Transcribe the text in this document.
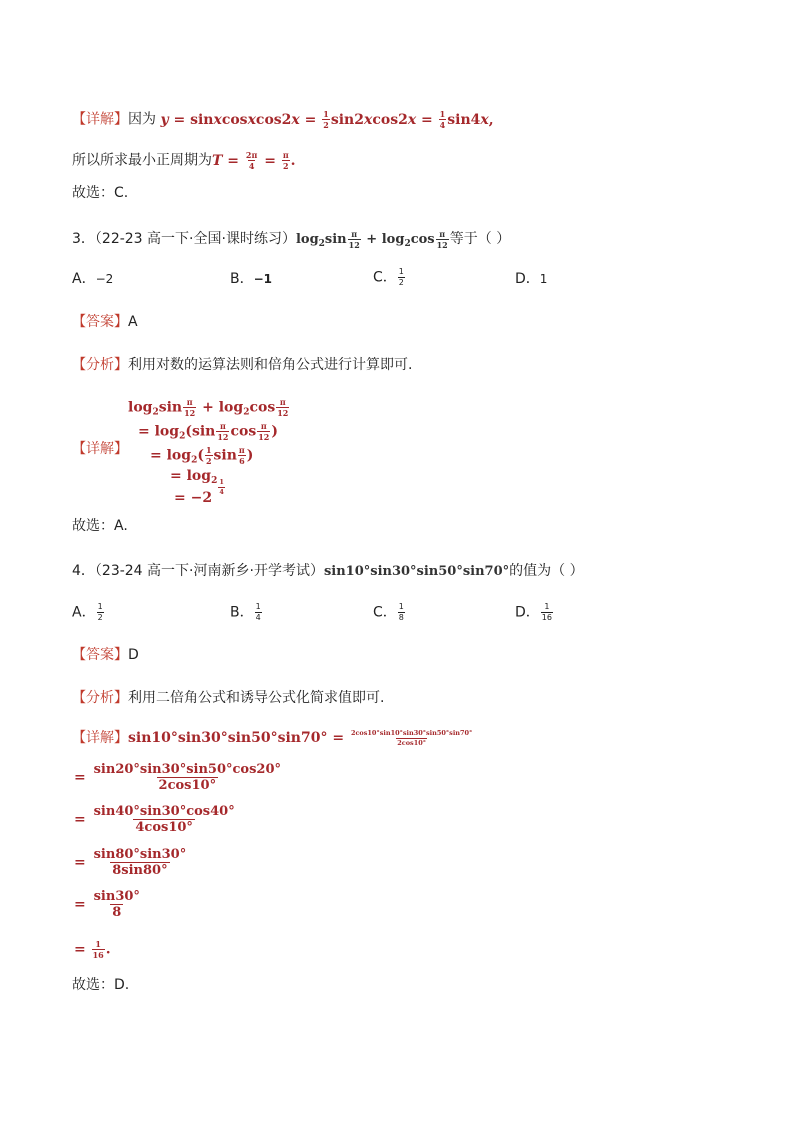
【详解】因为 y = sinxcosxcos2x = $\frac{1}{2} \sin 2xcos2x = \frac{1}{4} \sin 4x$,
所以所求最小正周期为$T = \frac{2\pi}{4} = \frac{\pi}{2}$ .
故选：C.
3．（22-23 高一下·全国·课时练习）$\log_2\sin \frac{\pi}{12} + \log_2\cos \frac{\pi}{12}$ 等于（ ）
A．−2	B．−1	C． $\frac{1}{2}$	D．1
【答案】A
【分析】利用对数的运算法则和倍角公式进行计算即可.
【详解】
$\log_2\sin \frac{\pi}{12} + \log_2\cos \frac{\pi}{12}$
= $\log_2(\sin \frac{\pi}{12}$ $\cos \frac{\pi}{12}$ )
= $\log_2( \frac{1}{2}$ $\sin \frac{\pi}{6}$ )
= $\log_2 \frac{1}{4}$
= −2
故选：A.
4．（23-24 高一下·河南新乡·开学考试）sin10°sin30°sin50°sin70°的值为（ ）
A． $\frac{1}{2}$	B． $\frac{1}{4}$	C． $\frac{1}{8}$	D． $\frac{1}{16}$
【答案】D
【分析】利用二倍角公式和诱导公式化简求值即可.
【详解】$\sin 10^\circ\sin 30^\circ\sin 50^\circ\sin 70^\circ = \frac{2\cos 10^\circ\sin 10^\circ\sin 30^\circ\sin 50^\circ\sin 70^\circ}{2\cos 10^\circ}$
= $\frac{\sin 20^\circ\sin 30^\circ\sin 50^\circ\cos 20^\circ}{2\cos 10^\circ}$
= $\frac{\sin 40^\circ\sin 30^\circ\cos 40^\circ}{4\cos 10^\circ}$
= $\frac{\sin 80^\circ\sin 30^\circ}{8\sin 80^\circ}$
= $\frac{\sin 30^\circ}{8}$
= $\frac{1}{16}$ .
故选：D.
